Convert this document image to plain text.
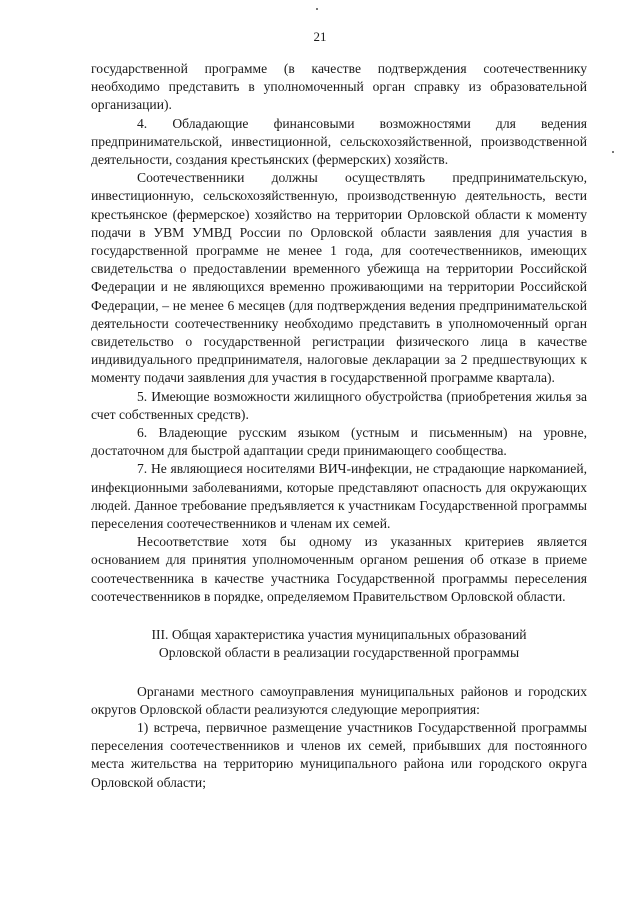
21

государственной программе (в качестве подтверждения соотечественнику необходимо представить в уполномоченный орган справку из образовательной организации).

4. Обладающие финансовыми возможностями для ведения предпринимательской, инвестиционной, сельскохозяйственной, производственной деятельности, создания крестьянских (фермерских) хозяйств.

Соотечественники должны осуществлять предпринимательскую, инвестиционную, сельскохозяйственную, производственную деятельность, вести крестьянское (фермерское) хозяйство на территории Орловской области к моменту подачи в УВМ УМВД России по Орловской области заявления для участия в государственной программе не менее 1 года, для соотечественников, имеющих свидетельства о предоставлении временного убежища на территории Российской Федерации и не являющихся временно проживающими на территории Российской Федерации, – не менее 6 месяцев (для подтверждения ведения предпринимательской деятельности соотечественнику необходимо представить в уполномоченный орган свидетельство о государственной регистрации физического лица в качестве индивидуального предпринимателя, налоговые декларации за 2 предшествующих к моменту подачи заявления для участия в государственной программе квартала).

5. Имеющие возможности жилищного обустройства (приобретения жилья за счет собственных средств).

6. Владеющие русским языком (устным и письменным) на уровне, достаточном для быстрой адаптации среди принимающего сообщества.

7. Не являющиеся носителями ВИЧ-инфекции, не страдающие наркоманией, инфекционными заболеваниями, которые представляют опасность для окружающих людей. Данное требование предъявляется к участникам Государственной программы переселения соотечественников и членам их семей.

Несоответствие хотя бы одному из указанных критериев является основанием для принятия уполномоченным органом решения об отказе в приеме соотечественника в качестве участника Государственной программы переселения соотечественников в порядке, определяемом Правительством Орловской области.

III. Общая характеристика участия муниципальных образований
Орловской области в реализации государственной программы

Органами местного самоуправления муниципальных районов и городских округов Орловской области реализуются следующие мероприятия:

1) встреча, первичное размещение участников Государственной программы переселения соотечественников и членов их семей, прибывших для постоянного места жительства на территорию муниципального района или городского округа Орловской области;
